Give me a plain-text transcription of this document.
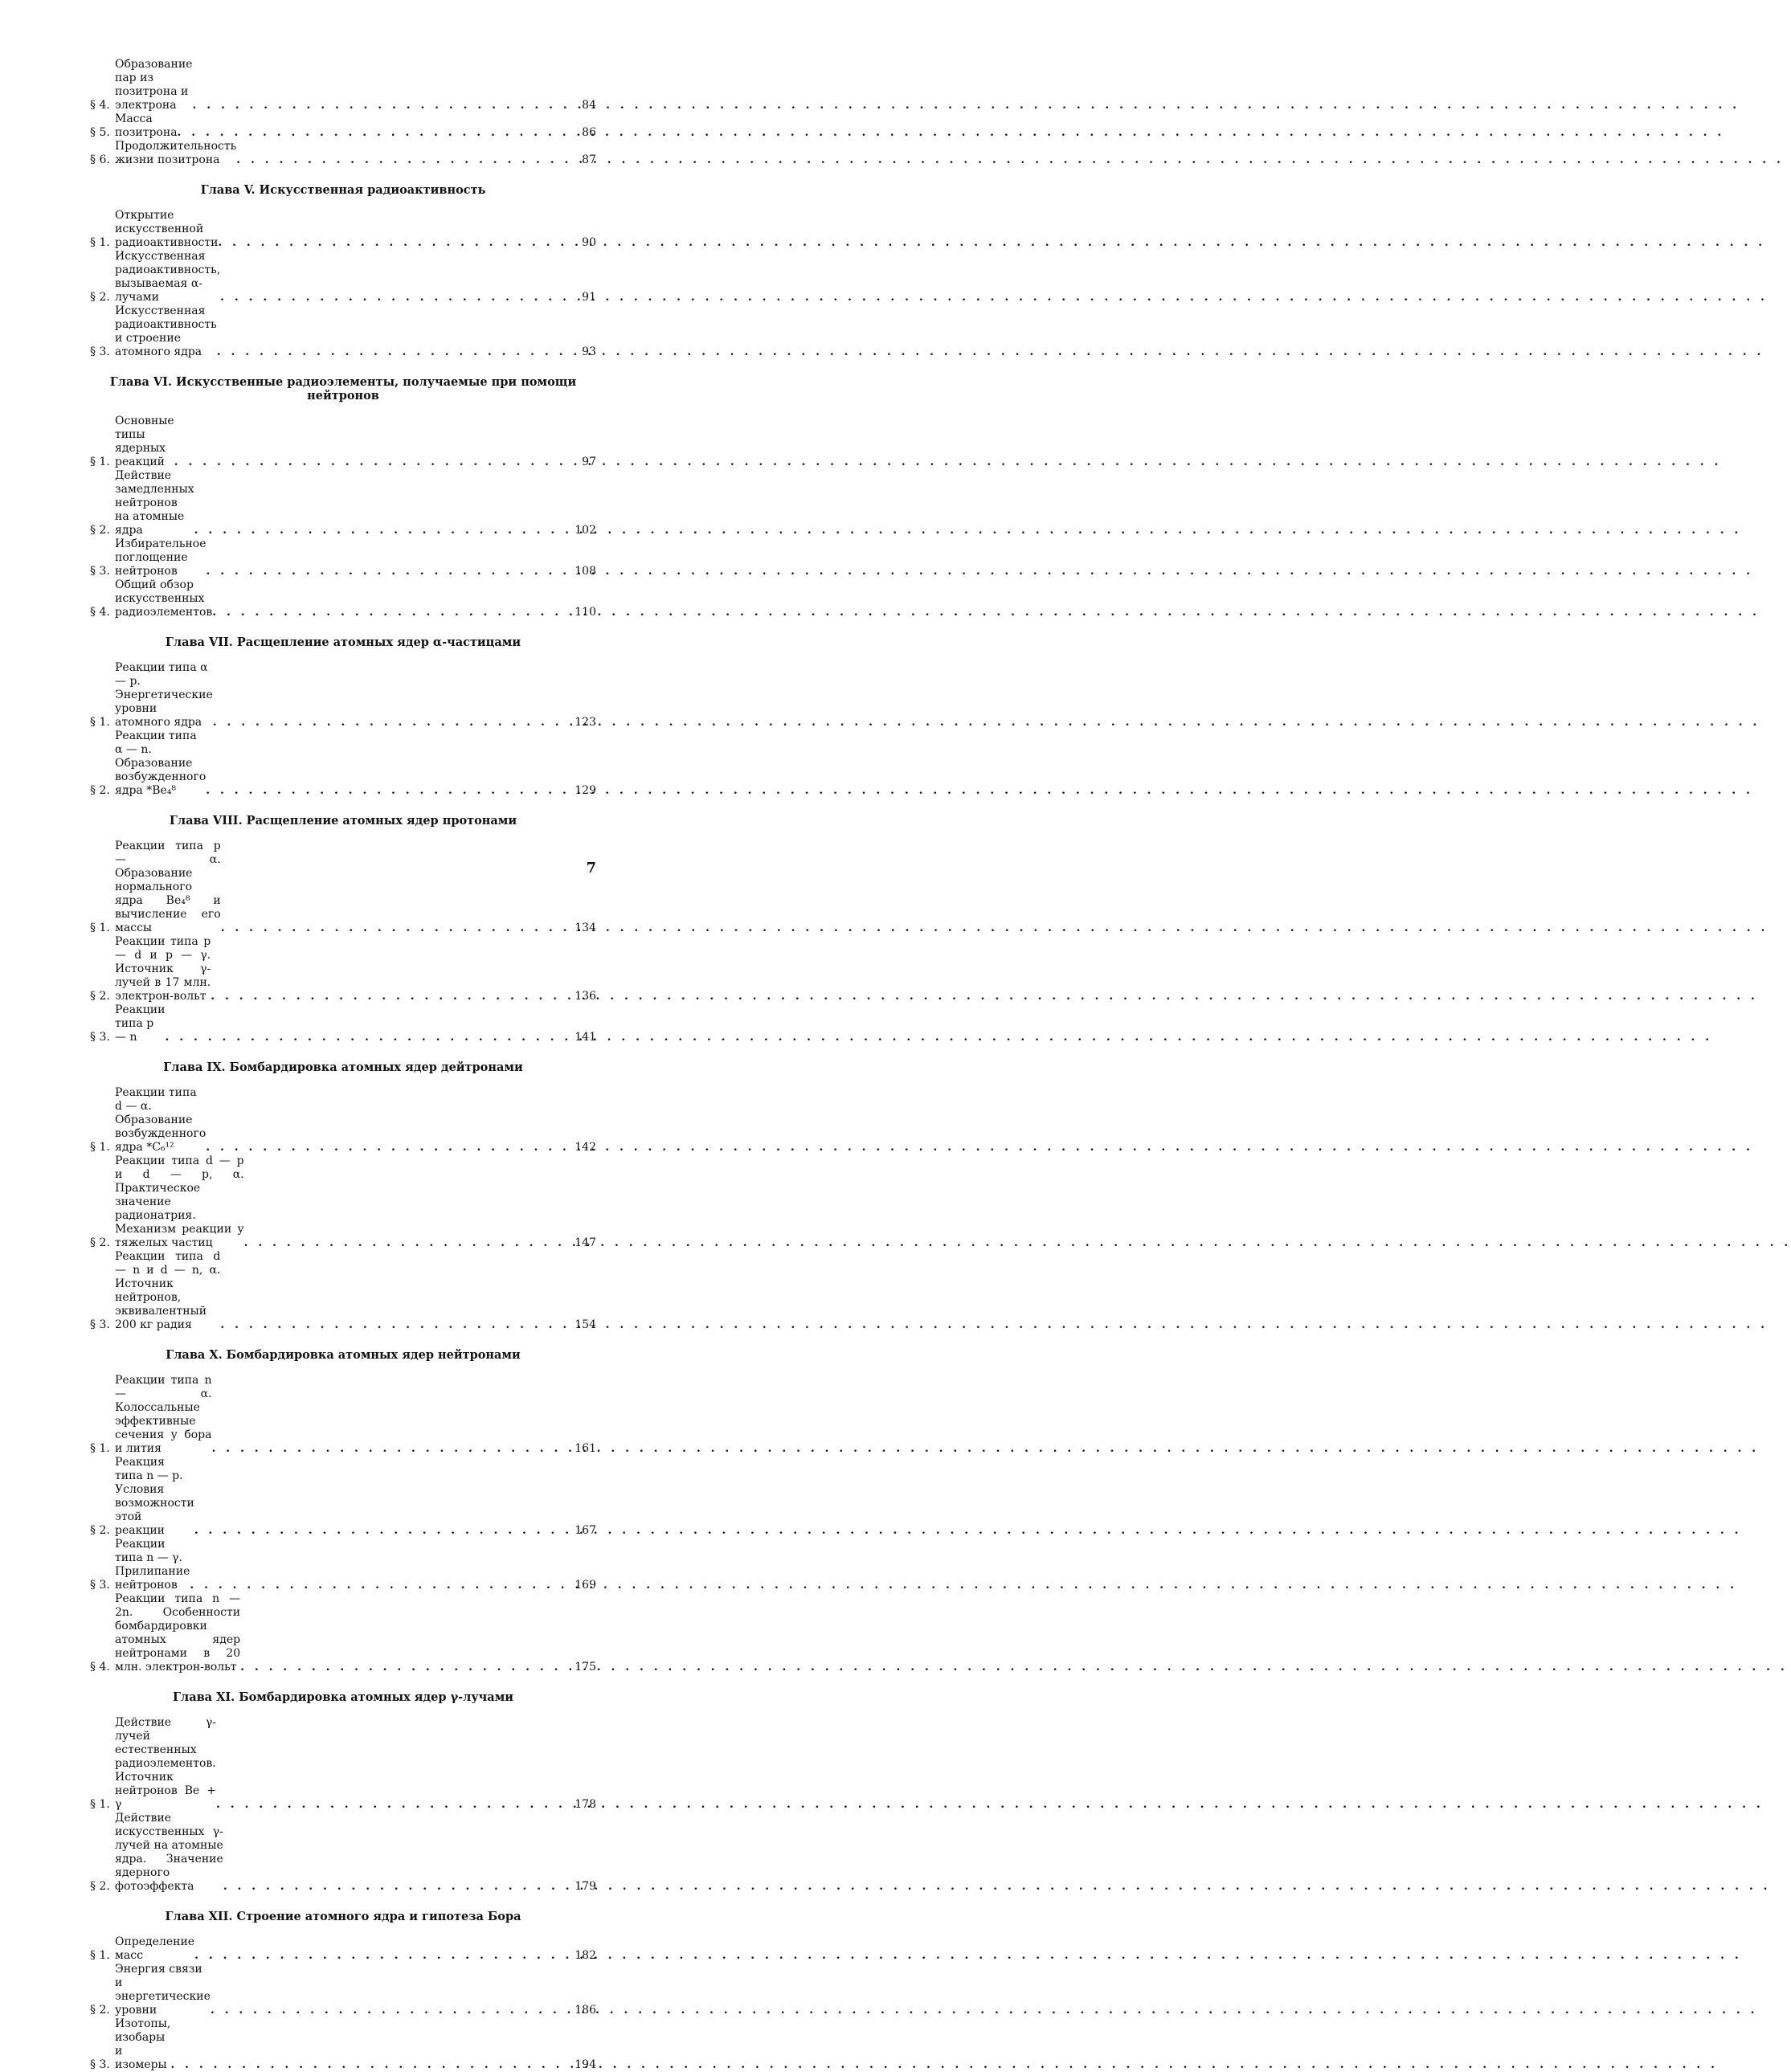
§ 4.
Образование пар из позитрона и электрона . . .	84
§ 5.
Масса позитрона . . .	86
§ 6.
Продолжительность жизни позитрона . . .	87
Глава V. Искусственная радиоактивность
§ 1.
Открытие искусственной радиоактивности . . .	90
§ 2.
Искусственная радиоактивность, вызываемая α-лучами . . .	91
§ 3.
Искусственная радиоактивность и строение атомного ядра . . .	93
Глава VI. Искусственные радиоэлементы, получаемые при помощи нейтронов
§ 1.
Основные типы ядерных реакций . . .	97
§ 2.
Действие замедленных нейтронов на атомные ядра . . .	102
§ 3.
Избирательное поглощение нейтронов . . .	108
§ 4.
Общий обзор искусственных радиоэлементов . . .	110
Глава VII. Расщепление атомных ядер α-частицами
§ 1.
Реакции типа α — p. Энергетические уровни атомного ядра . . .	123
§ 2.
Реакции типа α — n. Образование возбужденного ядра *Be₄⁸ . . .	129
Глава VIII. Расщепление атомных ядер протонами
§ 1.
Реакции типа p — α. Образование нормального ядра Be₄⁸ и вычисление его массы . . .	134
§ 2.
Реакции типа p — d и p — γ. Источник γ-лучей в 17 млн. электрон-вольт . . .	136
§ 3.
Реакции типа p — n . . .	141
Глава IX. Бомбардировка атомных ядер дейтронами
§ 1.
Реакции типа d — α. Образование возбужденного ядра *C₆¹² . . .	142
§ 2.
Реакции типа d — p и d — p, α. Практическое значение радионатрия. Механизм реакции у тяжелых частиц . . .	147
§ 3.
Реакции типа d — n и d — n, α. Источник нейтронов, эквивалентный 200 кг радия . . .	154
Глава X. Бомбардировка атомных ядер нейтронами
§ 1.
Реакции типа n — α. Колоссальные эффективные сечения у бора и лития . . .	161
§ 2.
Реакция типа n — p. Условия возможности этой реакции . . .	167
§ 3.
Реакции типа n — γ. Прилипание нейтронов . . .	169
§ 4.
Реакции типа n — 2n. Особенности бомбардировки атомных ядер нейтронами в 20 млн. электрон-вольт . . .	175
Глава XI. Бомбардировка атомных ядер γ-лучами
§ 1.
Действие γ-лучей естественных радиоэлементов. Источник нейтронов Be + γ . . .	178
§ 2.
Действие искусственных γ-лучей на атомные ядра. Значение ядерного фотоэффекта . . .	179
Глава XII. Строение атомного ядра и гипотеза Бора
§ 1.
Определение масс . . .	182
§ 2.
Энергия связи и энергетические уровни . . .	186
§ 3.
Изотопы, изобары и изомеры . . .	194
7
